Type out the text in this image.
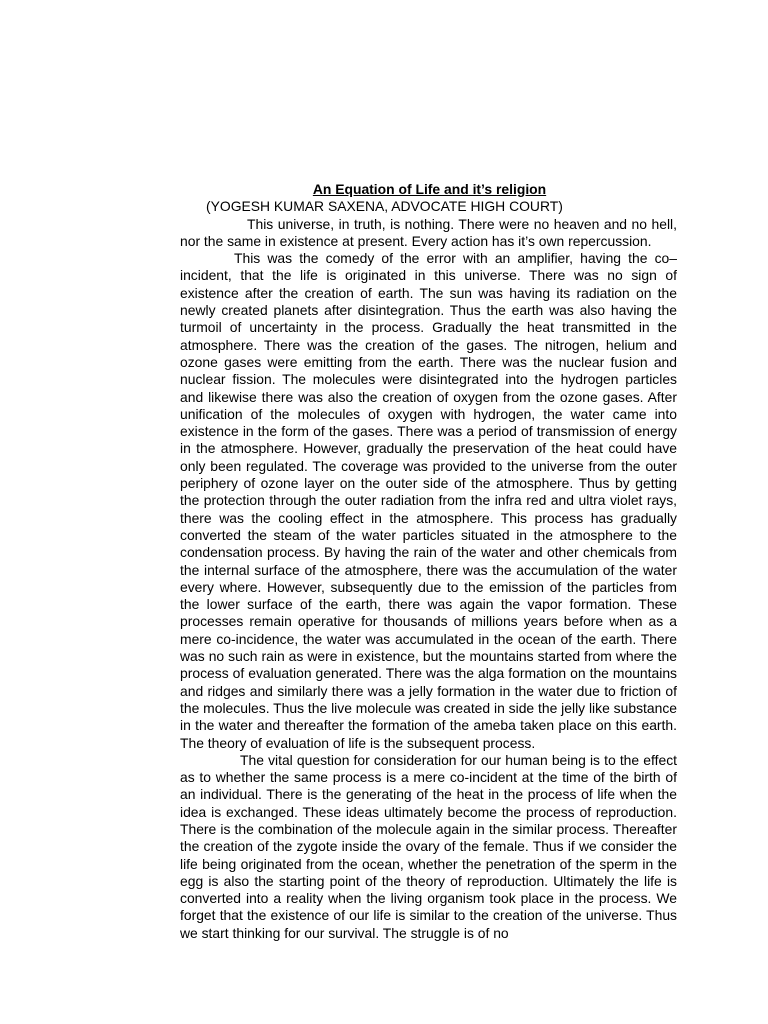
An Equation of Life and it’s religion

(YOGESH KUMAR SAXENA, ADVOCATE HIGH COURT)

This universe, in truth, is nothing. There were no heaven and no hell, nor the same in existence at present. Every action has it’s own repercussion.

This was the comedy of the error with an amplifier, having the co–incident, that the life is originated in this universe. There was no sign of existence after the creation of earth. The sun was having its radiation on the newly created planets after disintegration. Thus the earth was also having the turmoil of uncertainty in the process. Gradually the heat transmitted in the atmosphere. There was the creation of the gases. The nitrogen, helium and ozone gases were emitting from the earth. There was the nuclear fusion and nuclear fission. The molecules were disintegrated into the hydrogen particles and likewise there was also the creation of oxygen from the ozone gases. After unification of the molecules of oxygen with hydrogen, the water came into existence in the form of the gases. There was a period of transmission of energy in the atmosphere. However, gradually the preservation of the heat could have only been regulated. The coverage was provided to the universe from the outer periphery of ozone layer on the outer side of the atmosphere. Thus by getting the protection through the outer radiation from the infra red and ultra violet rays, there was the cooling effect in the atmosphere. This process has gradually converted the steam of the water particles situated in the atmosphere to the condensation process. By having the rain of the water and other chemicals from the internal surface of the atmosphere, there was the accumulation of the water every where. However, subsequently due to the emission of the particles from the lower surface of the earth, there was again the vapor formation. These processes remain operative for thousands of millions years before when as a mere co-incidence, the water was accumulated in the ocean of the earth. There was no such rain as were in existence, but the mountains started from where the process of evaluation generated. There was the alga formation on the mountains and ridges and similarly there was a jelly formation in the water due to friction of the molecules. Thus the live molecule was created in side the jelly like substance in the water and thereafter the formation of the ameba taken place on this earth. The theory of evaluation of life is the subsequent process.

The vital question for consideration for our human being is to the effect as to whether the same process is a mere co-incident at the time of the birth of an individual. There is the generating of the heat in the process of life when the idea is exchanged. These ideas ultimately become the process of reproduction. There is the combination of the molecule again in the similar process. Thereafter the creation of the zygote inside the ovary of the female. Thus if we consider the life being originated from the ocean, whether the penetration of the sperm in the egg is also the starting point of the theory of reproduction. Ultimately the life is converted into a reality when the living organism took place in the process. We forget that the existence of our life is similar to the creation of the universe. Thus we start thinking for our survival. The struggle is of no
